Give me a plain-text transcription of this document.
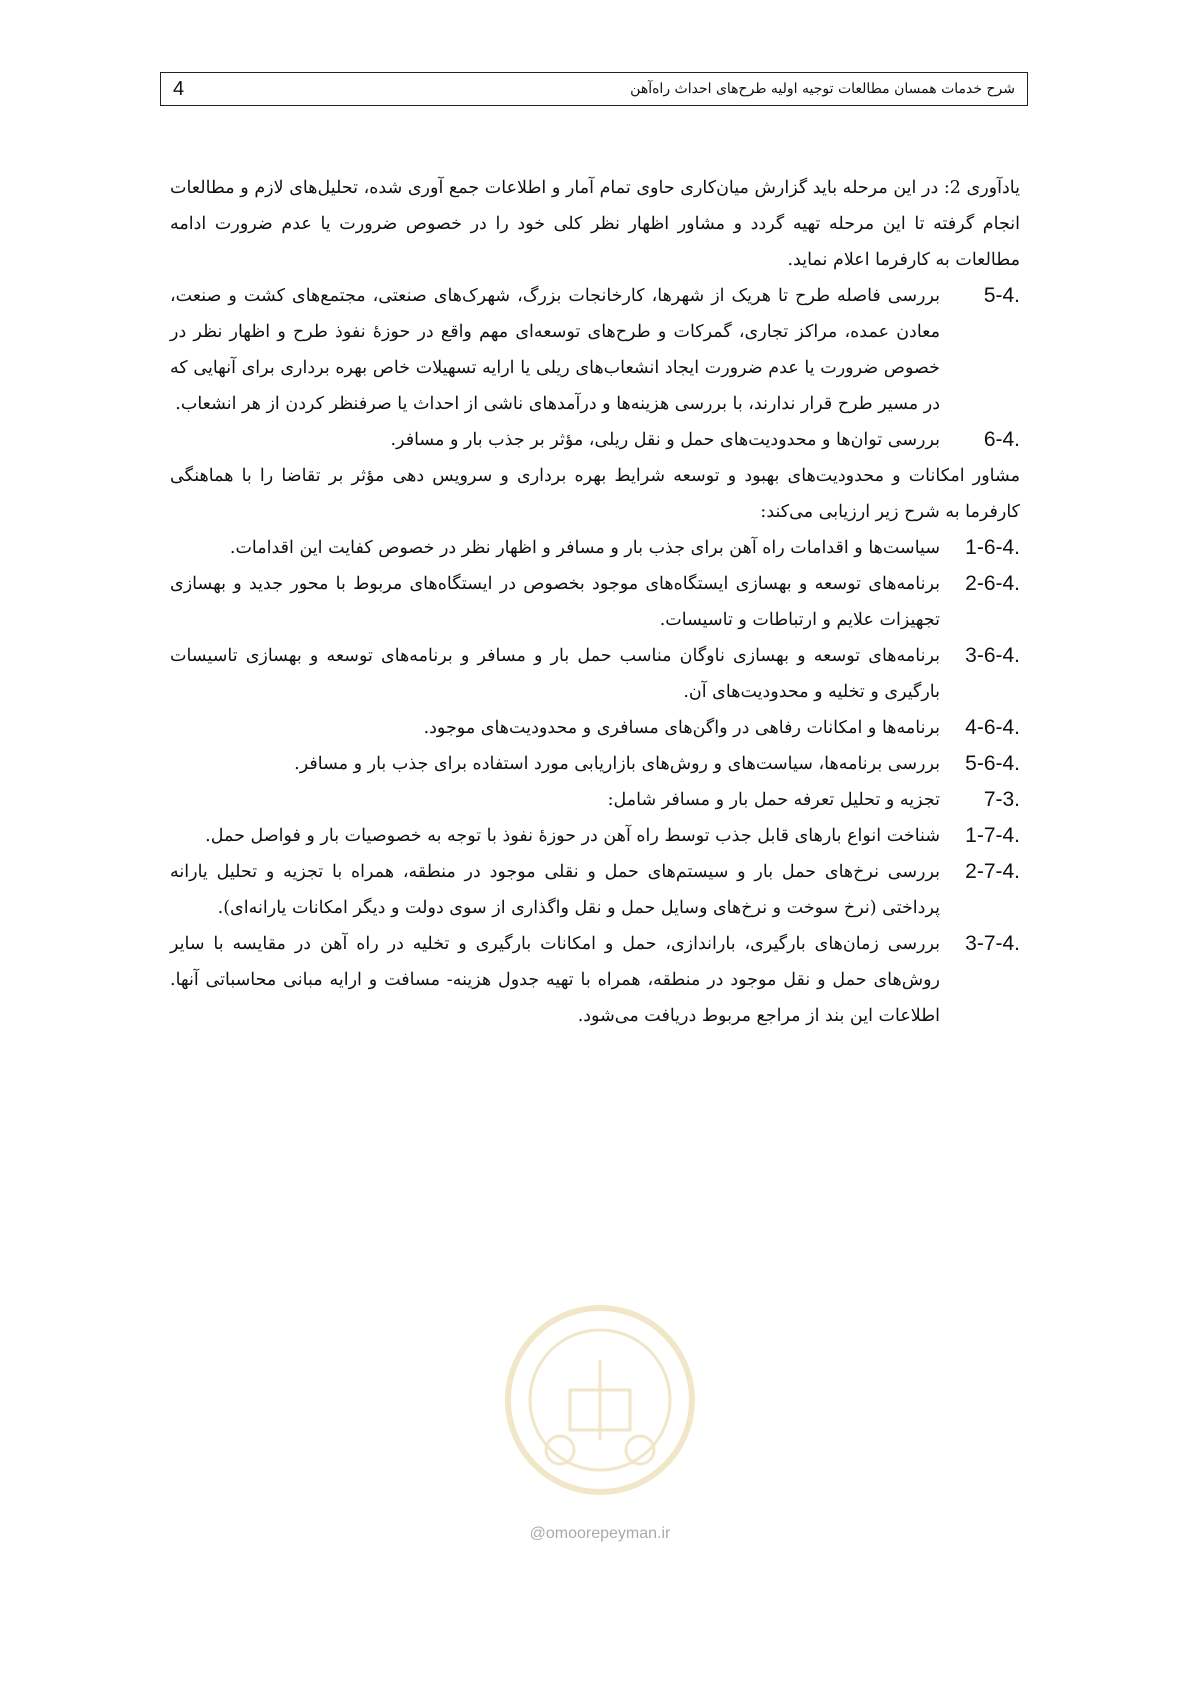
4	شرح خدمات همسان مطالعات توجیه اولیه طرح‌های احداث راه‌آهن
یادآوری 2: در این مرحله باید گزارش میان‌کاری حاوی تمام آمار و اطلاعات جمع آوری شده، تحلیل‌های لازم و مطالعات انجام گرفته تا این مرحله تهیه گردد و مشاور اظهار نظر کلی خود را در خصوص ضرورت یا عدم ضرورت ادامه مطالعات به کارفرما اعلام نماید.
5-4.
بررسی فاصله طرح تا هریک از شهرها، کارخانجات بزرگ، شهرک‌های صنعتی، مجتمع‌های کشت و صنعت، معادن عمده، مراکز تجاری، گمرکات و طرح‌های توسعه‌ای مهم واقع در حوزهٔ نفوذ طرح و اظهار نظر در خصوص ضرورت یا عدم ضرورت ایجاد انشعاب‌های ریلی یا ارایه تسهیلات خاص بهره برداری برای آنهایی که در مسیر طرح قرار ندارند، با بررسی هزینه‌ها و درآمدهای ناشی از احداث یا صرفنظر کردن از هر انشعاب.
6-4.
بررسی توان‌ها و محدودیت‌های حمل و نقل ریلی، مؤثر بر جذب بار و مسافر.
مشاور امکانات و محدودیت‌های بهبود و توسعه شرایط بهره برداری و سرویس دهی مؤثر بر تقاضا را با هماهنگی کارفرما به شرح زیر ارزیابی می‌کند:
1-6-4.
سیاست‌ها و اقدامات راه آهن برای جذب بار و مسافر و اظهار نظر در خصوص کفایت این اقدامات.
2-6-4.
برنامه‌های توسعه و بهسازی ایستگاه‌های موجود بخصوص در ایستگاه‌های مربوط با محور جدید و بهسازی تجهیزات علایم و ارتباطات و تاسیسات.
3-6-4.
برنامه‌های توسعه و بهسازی ناوگان مناسب حمل بار و مسافر و برنامه‌های توسعه و بهسازی تاسیسات بارگیری و تخلیه و محدودیت‌های آن.
4-6-4.
برنامه‌ها و امکانات رفاهی در واگن‌های مسافری و محدودیت‌های موجود.
5-6-4.
بررسی برنامه‌ها، سیاست‌های و روش‌های بازاریابی مورد استفاده برای جذب بار و مسافر.
7-3.
تجزیه و تحلیل تعرفه حمل بار و مسافر شامل:
1-7-4.
شناخت انواع بارهای قابل جذب توسط راه آهن در حوزهٔ نفوذ با توجه به خصوصیات بار و فواصل حمل.
2-7-4.
بررسی نرخ‌های حمل بار و سیستم‌های حمل و نقلی موجود در منطقه، همراه با تجزیه و تحلیل یارانه پرداختی (نرخ سوخت و نرخ‌های وسایل حمل و نقل واگذاری از سوی دولت و دیگر امکانات یارانه‌ای).
3-7-4.
بررسی زمان‌های بارگیری، باراندازی، حمل و امکانات بارگیری و تخلیه در راه آهن در مقایسه با سایر روش‌های حمل و نقل موجود در منطقه، همراه با تهیه جدول هزینه- مسافت و ارایه مبانی محاسباتی آنها. اطلاعات این بند از مراجع مربوط دریافت می‌شود.
@omoorepeyman.ir
